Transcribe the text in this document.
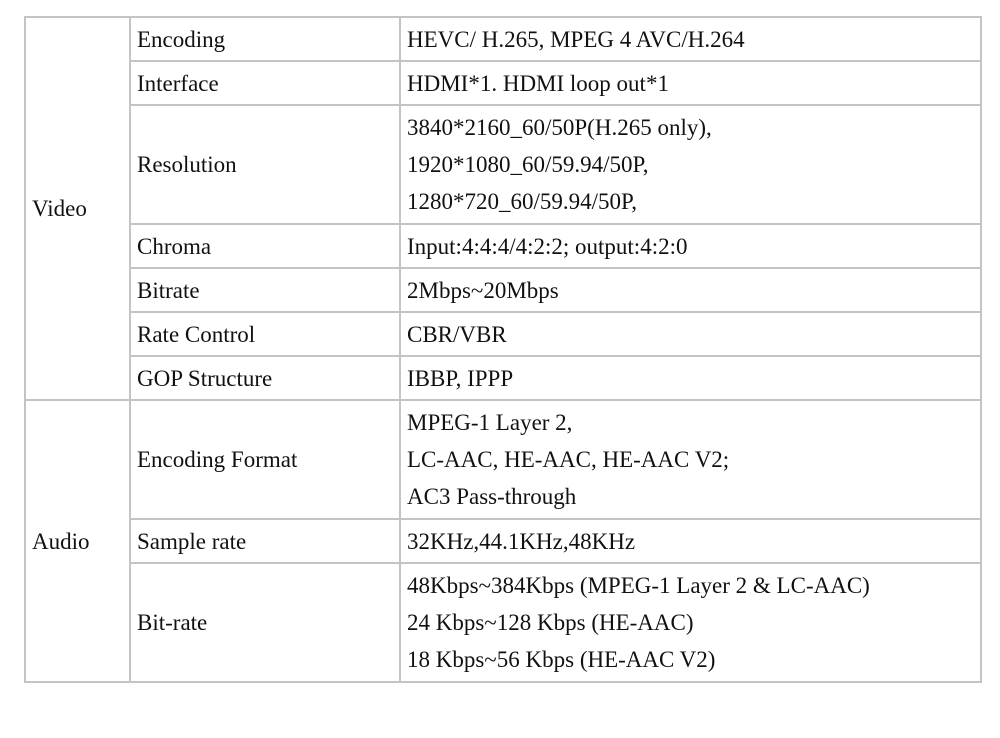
Video	Encoding	HEVC/ H.265, MPEG 4 AVC/H.264

	Interface	HDMI*1. HDMI loop out*1

	Resolution	3840*2160_60/50P(H.265 only),
1920*1080_60/59.94/50P,
1280*720_60/59.94/50P,

	Chroma	Input:4:4:4/4:2:2; output:4:2:0

	Bitrate	2Mbps~20Mbps

	Rate Control	CBR/VBR

	GOP Structure	IBBP, IPPP

Audio	Encoding Format	MPEG-1 Layer 2,
LC-AAC, HE-AAC, HE-AAC V2;
AC3 Pass-through

	Sample rate	32KHz,44.1KHz,48KHz

	Bit-rate	48Kbps~384Kbps (MPEG-1 Layer 2 & LC-AAC)
24 Kbps~128 Kbps (HE-AAC)
18 Kbps~56 Kbps (HE-AAC V2)
